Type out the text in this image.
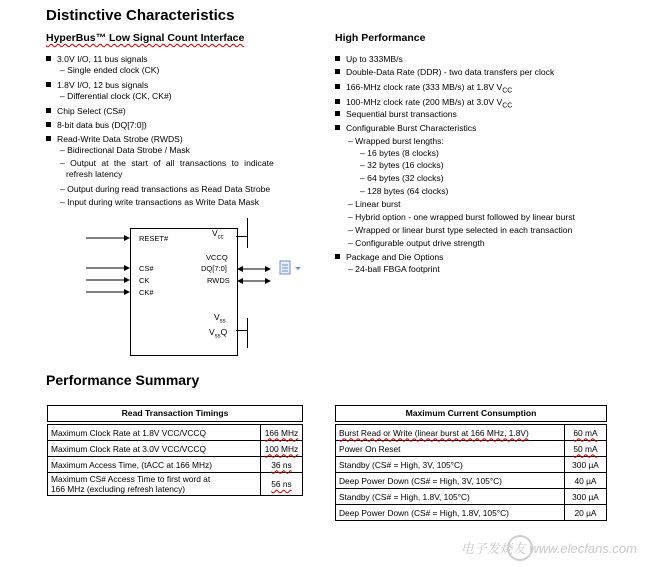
Distinctive Characteristics
HyperBus™ Low Signal Count Interface
3.0V I/O, 11 bus signals
– Single ended clock (CK)
1.8V I/O, 12 bus signals
– Differential clock (CK, CK#)
Chip Select (CS#)
8-bit data bus (DQ[7:0])
Read-Write Data Strobe (RWDS)
– Bidirectional Data Strobe / Mask
– Output at the start of all transactions to indicate
refresh latency
– Output during read transactions as Read Data Strobe
– Input during write transactions as Write Data Mask
High Performance
Up to 333MB/s
Double-Data Rate (DDR) - two data transfers per clock
166-MHz clock rate (333 MB/s) at 1.8V $V_{CC}$
100-MHz clock rate (200 MB/s) at 3.0V $V_{CC}$
Sequential burst transactions
Configurable Burst Characteristics
– Wrapped burst lengths:
– 16 bytes (8 clocks)
– 32 bytes (16 clocks)
– 64 bytes (32 clocks)
– 128 bytes (64 clocks)
– Linear burst
– Hybrid option - one wrapped burst followed by linear burst
– Wrapped or linear burst type selected in each transaction
– Configurable output drive strength
Package and Die Options
– 24-ball FBGA footprint
RESET#
$V_{cc}$
VCCQ
CS#
CK
CK#
DQ[7:0]
RWDS
$V_{ss}$
$V_{ss}Q$
Performance Summary
Read Transaction Timings
Maximum Clock Rate at 1.8V VCC/VCCQ	166 MHz
Maximum Clock Rate at 3.0V VCC/VCCQ	100 MHz
Maximum Access Time, (tACC at 166 MHz)	36 ns

Maximum CS# Access Time to first word at
166 MHz (excluding refresh latency)	56 ns
Maximum Current Consumption
Burst Read or Write (linear burst at 166 MHz, 1.8V)	60 mA
Power On Reset	50 mA
Standby (CS# = High, 3V, 105°C)	300 µA
Deep Power Down (CS# = High, 3V, 105°C)	40 µA
Standby (CS# = High, 1.8V, 105°C)	300 µA
Deep Power Down (CS# = High, 1.8V, 105°C)	20 µA
电子发烧友 www.elecfans.com
